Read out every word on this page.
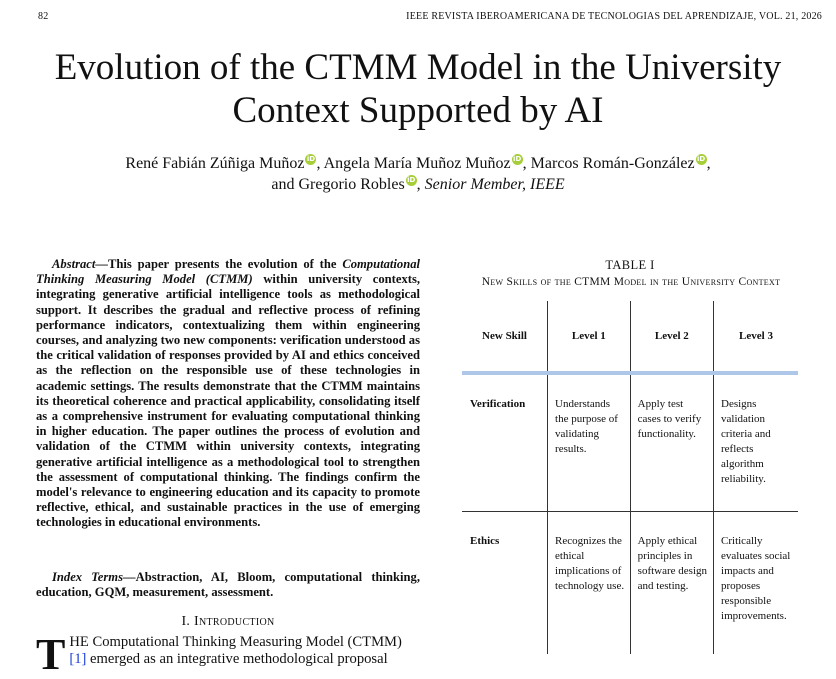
82	IEEE REVISTA IBEROAMERICANA DE TECNOLOGIAS DEL APRENDIZAJE, VOL. 21, 2026
Evolution of the CTMM Model in the University
Context Supported by AI
René Fabián Zúñiga Muñoz iD, Angela María Muñoz Muñoz iD, Marcos Román-González iD,
and Gregorio Robles iD, Senior Member, IEEE

Abstract—This paper presents the evolution of the Computational Thinking Measuring Model (CTMM) within university contexts, integrating generative artificial intelligence tools as methodological support. It describes the gradual and reflective process of refining performance indicators, contextualizing them within engineering courses, and analyzing two new components: verification understood as the critical validation of responses provided by AI and ethics conceived as the reflection on the responsible use of these technologies in academic settings. The results demonstrate that the CTMM maintains its theoretical coherence and practical applicability, consolidating itself as a comprehensive instrument for evaluating computational thinking in higher education. The paper outlines the process of evolution and validation of the CTMM within university contexts, integrating generative artificial intelligence as a methodological tool to strengthen the assessment of computational thinking. The findings confirm the model's relevance to engineering education and its capacity to promote reflective, ethical, and sustainable practices in the use of emerging technologies in educational environments.

Index Terms—Abstraction, AI, Bloom, computational thinking, education, GQM, measurement, assessment.

I. Introduction

THE Computational Thinking Measuring Model (CTMM)
[1] emerged as an integrative methodological proposal

TABLE I
New Skills of the CTMM Model in the University Context
New Skill	Level 1	Level 2	Level 3
Verification	Understands the purpose of validating results.	Apply test cases to verify functionality.	Designs validation criteria and reflects algorithm reliability.
Ethics	Recognizes the ethical implications of technology use.	Apply ethical principles in software design and testing.	Critically evaluates social impacts and proposes responsible improvements.
